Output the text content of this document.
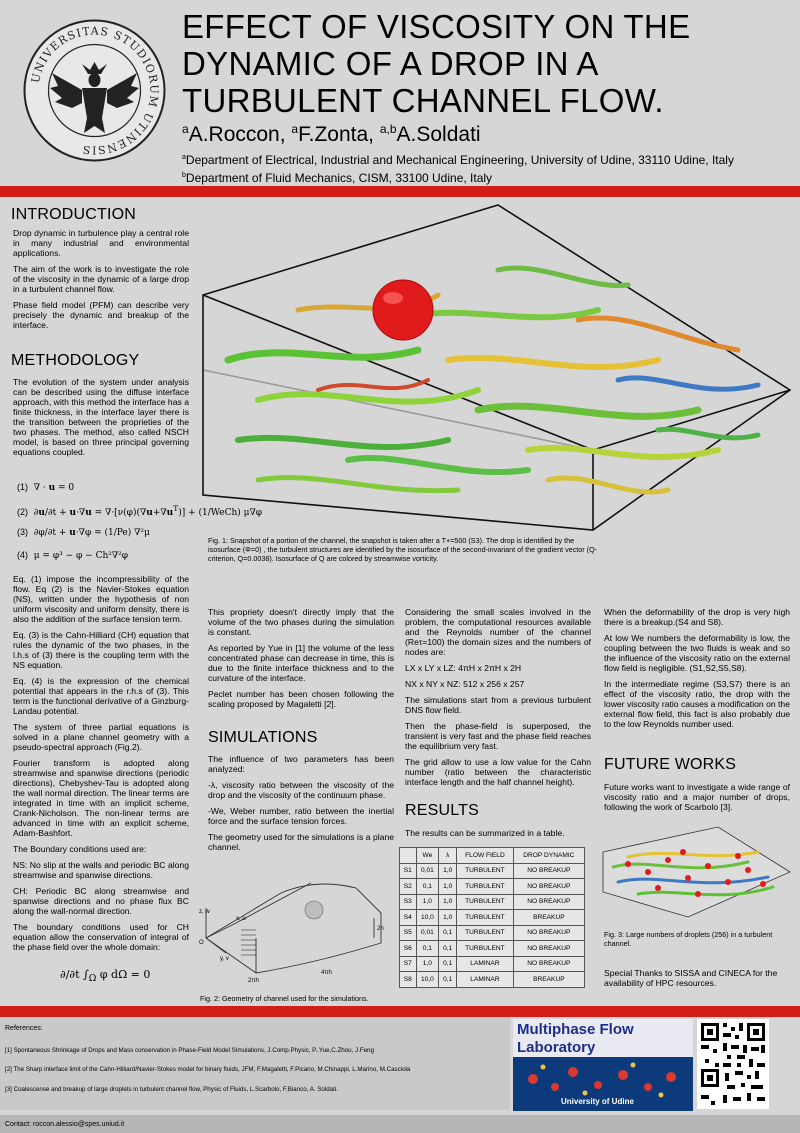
UNIVERSITAS STUDIORUM UTINENSIS
EFFECT OF VISCOSITY ON THE DYNAMIC OF A DROP IN A TURBULENT CHANNEL FLOW.
$^a$A.Roccon, $^a$F.Zonta, $^{a,b}$A.Soldati
$^a$Department of Electrical, Industrial and Mechanical Engineering, University of Udine, 33110 Udine, Italy
$^b$Department of Fluid Mechanics, CISM, 33100 Udine, Italy
Fig. 1: Snapshot of a portion of the channel, the snapshot is taken after a T+=500 (S3). The drop is identified by the isosurface (Φ=0) , the turbulent structures are identified by the isosurface of the second-invariant of the gradient vector (Q-criterion, Q=0.0038). Isosurface of Q are colored by streamwise vorticity.
INTRODUCTION

Drop dynamic in turbulence play a central role in many industrial and environmental applications.

The aim of the work is to investigate the role of the viscosity in the dynamic of a large drop in a turbulent channel flow.

Phase field model (PFM) can describe very precisely the dynamic and breakup of the interface.

METHODOLOGY
The evolution of the system under analysis can be described using the diffuse interface approach, with this method the interface has a finite thickness, in the interface layer there is the transition between the proprieties of the two phases. The method, also called NSCH model, is based on three principal governing equations coupled.
(1)  ∇ · u = 0
(2)  $\partial u/\partial t + u\cdot\nabla u = \nabla\cdot[\nu(\varphi)(\nabla u+\nabla u^T)]$ + (1/WeCh) μ∇φ
(3)  ∂φ/∂t + u·∇φ = (1/Pe) ∇²μ
(4)  μ = φ³ − φ − Ch²∇²φ

Eq. (1) impose the incompressibility of the flow. Eq (2) is the Navier-Stokes equation (NS), written under the hypothesis of non uniform viscosity and uniform density, there is also the addition of the surface tension term.

Eq. (3) is the Cahn-Hilliard (CH) equation that rules the dynamic of the two phases, in the l.h.s of (3) there is the coupling term with the NS equation.

Eq. (4) is the expression of the chemical potential that appears in the r.h.s of (3). This term is the functional derivative of a Ginzburg-Landau potential.

The system of three partial equations is solved in a plane channel geometry with a pseudo-spectral approach (Fig.2).

Fourier transform is adopted along streamwise and spanwise directions (periodic directions), Chebyshev-Tau is adopted along the wall normal direction. The linear terms are integrated in time with an implicit scheme, Crank-Nicholson. The non-linear terms are advanced in time with an explicit scheme, Adam-Bashfort.

The Boundary conditions used are:

NS: No slip at the walls and periodic BC along streamwise and spanwise directions.

CH: Periodic BC along streamwise and spanwise directions and no phase flux BC along the wall-normal direction.

The boundary conditions used for CH equation allow the conservation of integral of the phase field over the whole domain:

∂/∂t $\int_\Omega$ φ dΩ = 0

This propriety doesn't directly imply that the volume of the two phases during the simulation is constant.

As reported by Yue in [1] the volume of the less concentrated phase can decrease in time, this is due to the finite interface thickness and to the curvature of the interface.

Peclet number has been chosen following the scaling proposed by Magaletti [2].

SIMULATIONS

The influence of two parameters has been analyzed:

-λ, viscosity ratio between the viscosity of the drop and the viscosity of the continuum phase.

-We, Weber number, ratio between the inertial force and the surface tension forces.

The geometry used for the simulations is a plane channel.

z, w
x, u
y, v
O
2h
2πh
4πh
Fig. 2: Geometry of channel used for the simulations.

Considering the small scales involved in the problem, the computational resources available and the Reynolds number of the channel (Reτ=100) the domain sizes and the numbers of nodes are:

LX x LY x LZ: 4πH x 2πH x 2H

NX x NY x NZ: 512 x 256 x 257

The simulations start from a previous turbulent DNS flow field.

Then the phase-field is superposed, the transient is very fast and the phase field reaches the equilibrium very fast.

The grid allow to use a low value for the Cahn number (ratio between the characteristic interface length and the half channel height).

RESULTS
The results can be summarized in a table.
	We	λ	FLOW FIELD	DROP DYNAMIC
S1	0,01	1,0	TURBULENT	NO BREAKUP
S2	0,1	1,0	TURBULENT	NO BREAKUP
S3	1,0	1,0	TURBULENT	NO BREAKUP
S4	10,0	1,0	TURBULENT	BREAKUP
S5	0,01	0,1	TURBULENT	NO BREAKUP
S6	0,1	0,1	TURBULENT	NO BREAKUP
S7	1,0	0,1	LAMINAR	NO BREAKUP
S8	10,0	0,1	LAMINAR	BREAKUP

When the deformability of the drop is very high there is a breakup.(S4 and S8).

At low We numbers the deformability is low, the coupling between the two fluids is weak and so the influence of the viscosity ratio on the external flow field is negligible. (S1,S2,S5,S8).

In the intermediate regime (S3,S7) there is an effect of the viscosity ratio, the drop with the lower viscosity ratio causes a modification on the external flow field, this fact is also probably due to the low Reynolds number used.

FUTURE WORKS
Future works want to investigate a wide range of viscosity ratio and a major number of drops, following the work of Scarbolo [3].
Fig. 3: Large numbers of droplets (256) in a turbulent channel.
Special Thanks to SISSA and CINECA for the availability of HPC resources.
References:
[1] Spontaneous Shrinkage of Drops and Mass conservation in Phase-Field Model SImulations, J.Comp.Physic, P..Yue,C.Zhou, J.Feng
[2] The Sharp interface limit of the Cahn-Hilliard/Navier-Stokes model for binary fluids, JFM, F.Magaletti, F.Picano, M.Chinappi, L.Marino, M.Casciola
[3] Coalescense and breakup of large droplets in turbulent channel flow, Physic of Fluids, L.Scarbolo, F.Bianco, A. Soldati.
Multiphase Flow
Laboratory
University of Udine
Contact: roccon.alessio@spes.uniud.it
